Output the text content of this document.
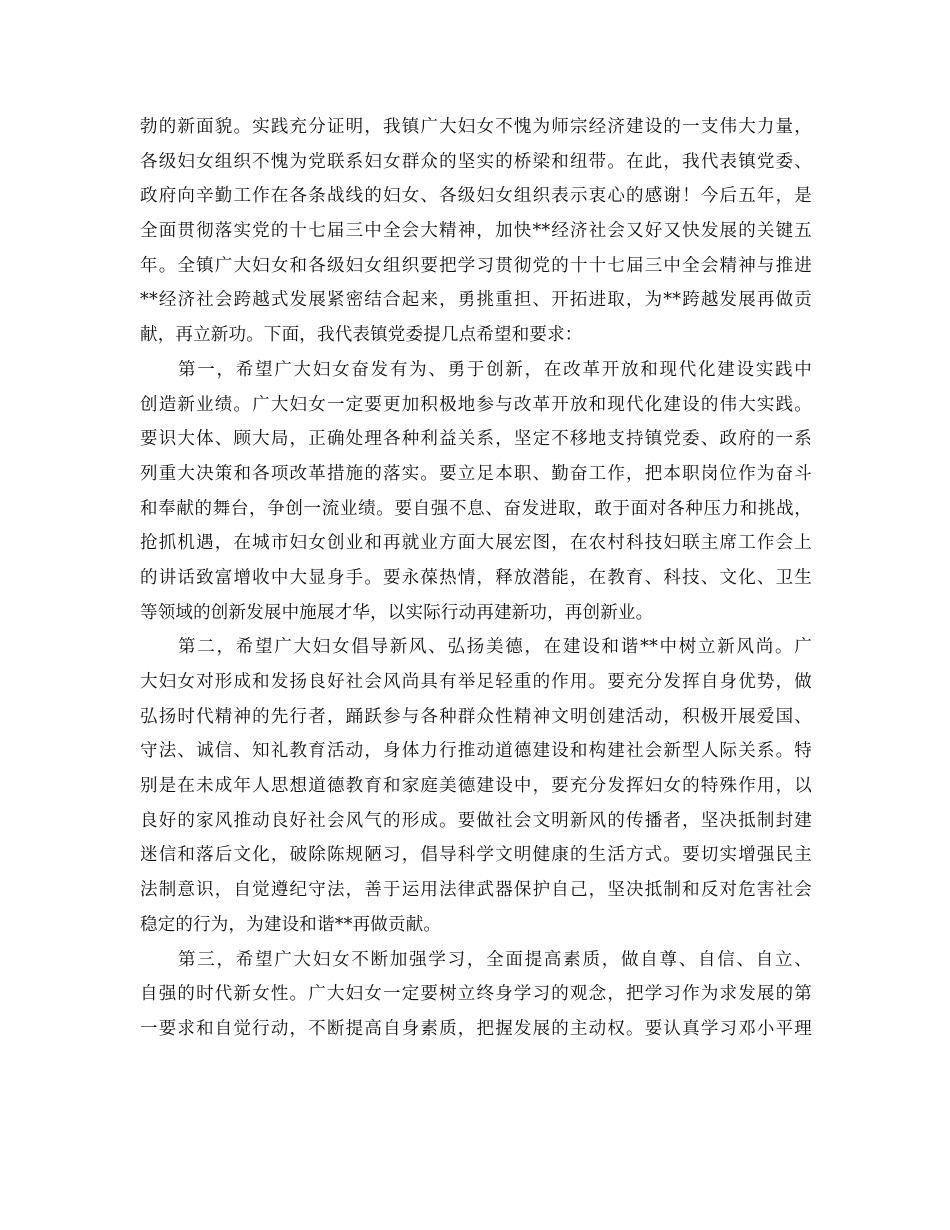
勃的新面貌。实践充分证明，我镇广大妇女不愧为师宗经济建设的一支伟大力量，
各级妇女组织不愧为党联系妇女群众的坚实的桥梁和纽带。在此，我代表镇党委、
政府向辛勤工作在各条战线的妇女、各级妇女组织表示衷心的感谢！今后五年，是
全面贯彻落实党的十七届三中全会大精神，加快**经济社会又好又快发展的关键五
年。全镇广大妇女和各级妇女组织要把学习贯彻党的十十七届三中全会精神与推进
**经济社会跨越式发展紧密结合起来，勇挑重担、开拓进取，为**跨越发展再做贡
献，再立新功。下面，我代表镇党委提几点希望和要求：
第一，希望广大妇女奋发有为、勇于创新，在改革开放和现代化建设实践中
创造新业绩。广大妇女一定要更加积极地参与改革开放和现代化建设的伟大实践。
要识大体、顾大局，正确处理各种利益关系，坚定不移地支持镇党委、政府的一系
列重大决策和各项改革措施的落实。要立足本职、勤奋工作，把本职岗位作为奋斗
和奉献的舞台，争创一流业绩。要自强不息、奋发进取，敢于面对各种压力和挑战，
抢抓机遇，在城市妇女创业和再就业方面大展宏图，在农村科技妇联主席工作会上
的讲话致富增收中大显身手。要永葆热情，释放潜能，在教育、科技、文化、卫生
等领域的创新发展中施展才华，以实际行动再建新功，再创新业。
第二，希望广大妇女倡导新风、弘扬美德，在建设和谐**中树立新风尚。广
大妇女对形成和发扬良好社会风尚具有举足轻重的作用。要充分发挥自身优势，做
弘扬时代精神的先行者，踊跃参与各种群众性精神文明创建活动，积极开展爱国、
守法、诚信、知礼教育活动，身体力行推动道德建设和构建社会新型人际关系。特
别是在未成年人思想道德教育和家庭美德建设中，要充分发挥妇女的特殊作用，以
良好的家风推动良好社会风气的形成。要做社会文明新风的传播者，坚决抵制封建
迷信和落后文化，破除陈规陋习，倡导科学文明健康的生活方式。要切实增强民主
法制意识，自觉遵纪守法，善于运用法律武器保护自己，坚决抵制和反对危害社会
稳定的行为，为建设和谐**再做贡献。
第三，希望广大妇女不断加强学习，全面提高素质，做自尊、自信、自立、
自强的时代新女性。广大妇女一定要树立终身学习的观念，把学习作为求发展的第
一要求和自觉行动，不断提高自身素质，把握发展的主动权。要认真学习邓小平理
